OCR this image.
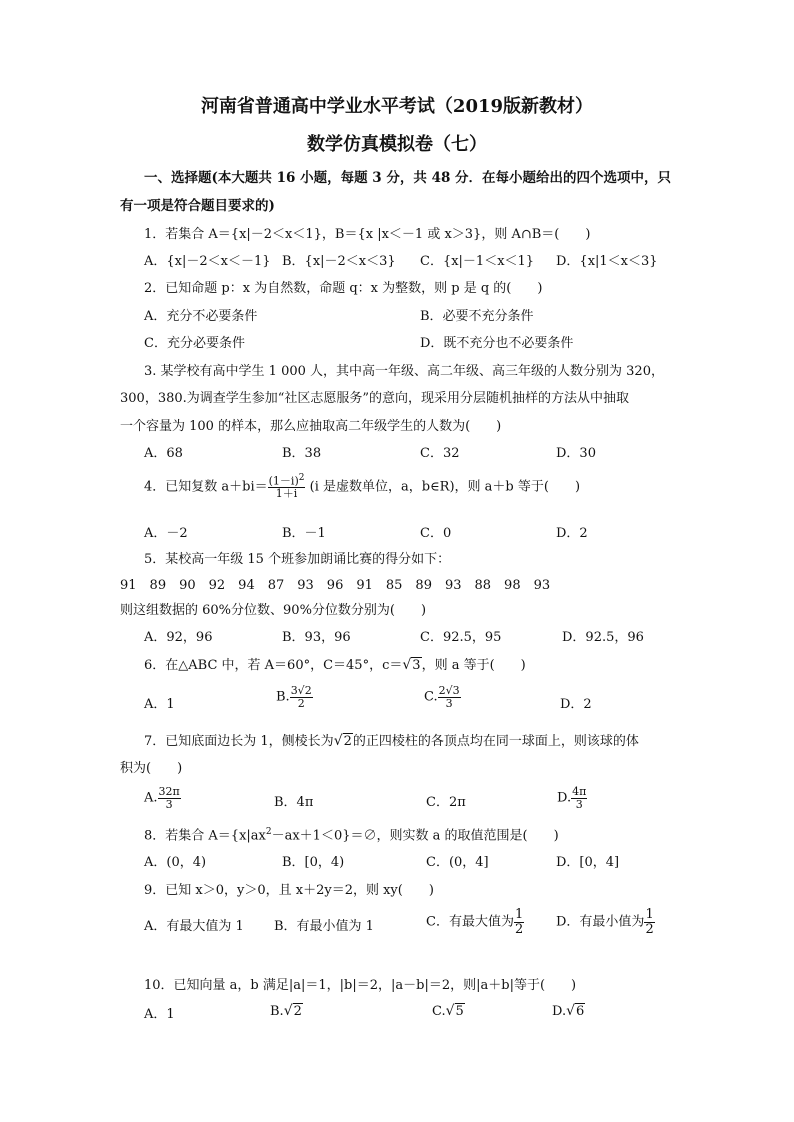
河南省普通高中学业水平考试（2019版新教材）
数学仿真模拟卷（七）
一、选择题(本大题共 16 小题，每题 3 分，共 48 分．在每小题给出的四个选项中，只
有一项是符合题目要求的)
1．若集合 A＝{x|－2＜x＜1}，B＝{x |x＜－1 或 x＞3}，则 A∩B＝(　　)
A．{x|－2＜x＜－1} B．{x|－2＜x＜3} C．{x|－1＜x＜1} D．{x|1＜x＜3}
2．已知命题 p：x 为自然数，命题 q：x 为整数，则 p 是 q 的(　　)
A．充分不必要条件	B．必要不充分条件
C．充分必要条件	D．既不充分也不必要条件
3. 某学校有高中学生 1 000 人，其中高一年级、高二年级、高三年级的人数分别为 320，
300，380.为调查学生参加“社区志愿服务”的意向，现采用分层随机抽样的方法从中抽取
一个容量为 100 的样本，那么应抽取高二年级学生的人数为(　　)
A．68	B．38	C．32	D．30
4．已知复数 $a+bi= \frac{(1-i)^2}{1+i} (i$ 是虚数单位，a，b∈R)，则 a＋b 等于(　　)
A．－2	B．－1	C．0	D．2
5．某校高一年级 15 个班参加朗诵比赛的得分如下：
91　89　90　92　94　87　93　96　91　85　89　93　88　98　93
则这组数据的 60%分位数、90%分位数分别为(　　)
A．92，96	B．93，96	C．92.5，95	D．92.5，96
6．在△ABC 中，若 A＝60°，C＝45°，c＝√3，则 a 等于(　　)
A．1	B. $\frac{3√2}{2}$	C. $\frac{2√3}{3}$	D．2
7．已知底面边长为 1，侧棱长为√2的正四棱柱的各顶点均在同一球面上，则该球的体
积为(　　)
A. $\frac{32\pi}{3}$	B．4π	C．2π	D. $\frac{4\pi}{3}$
8．若集合 $A=\{x|ax^2-ax+1<0\}=\emptyset$，则实数 a 的取值范围是(　　)
A．(0，4)	B．[0，4)	C．(0，4]	D．[0，4]
9．已知 x＞0，y＞0，且 x＋2y＝2，则 xy(　　)
A．有最大值为 1 B．有最小值为 1	C．有最大值为 $\frac{1}{2}$ D．有最小值为 $\frac{1}{2}$
10．已知向量 a，b 满足|a|＝1，|b|＝2，|a－b|＝2，则|a＋b|等于(　　)
A．1	B.√2	C.√5	D.√6
